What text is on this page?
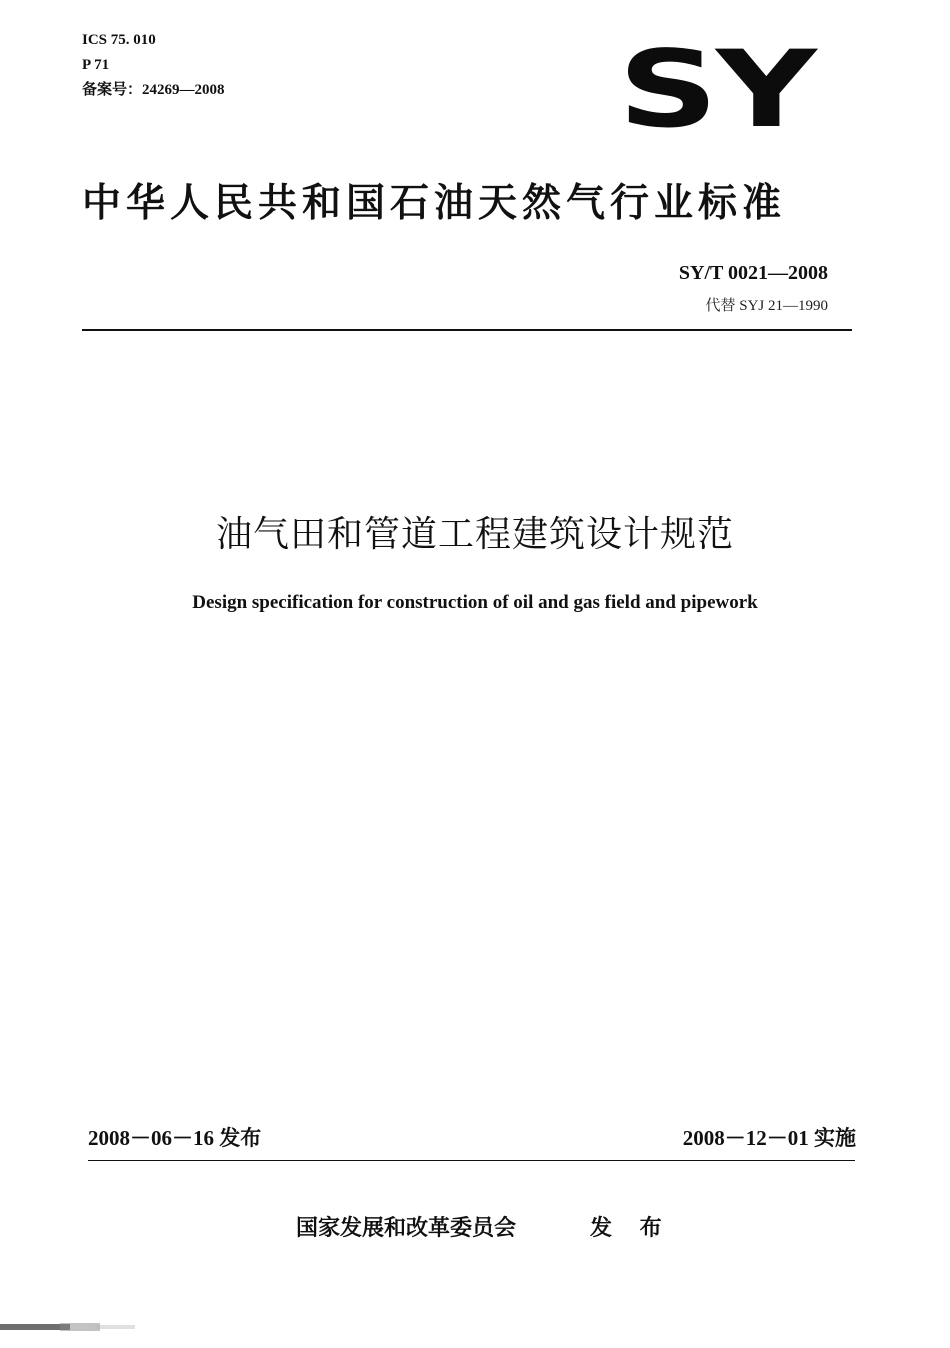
ICS 75. 010
P 71
备案号：24269—2008	SY
中华人民共和国石油天然气行业标准
SY/T 0021—2008
代替 SYJ 21—1990
油气田和管道工程建筑设计规范
Design specification for construction of oil and gas field and pipework
2008－06－16 发布	2008－12－01 实施
国家发展和改革委员会	发 布
